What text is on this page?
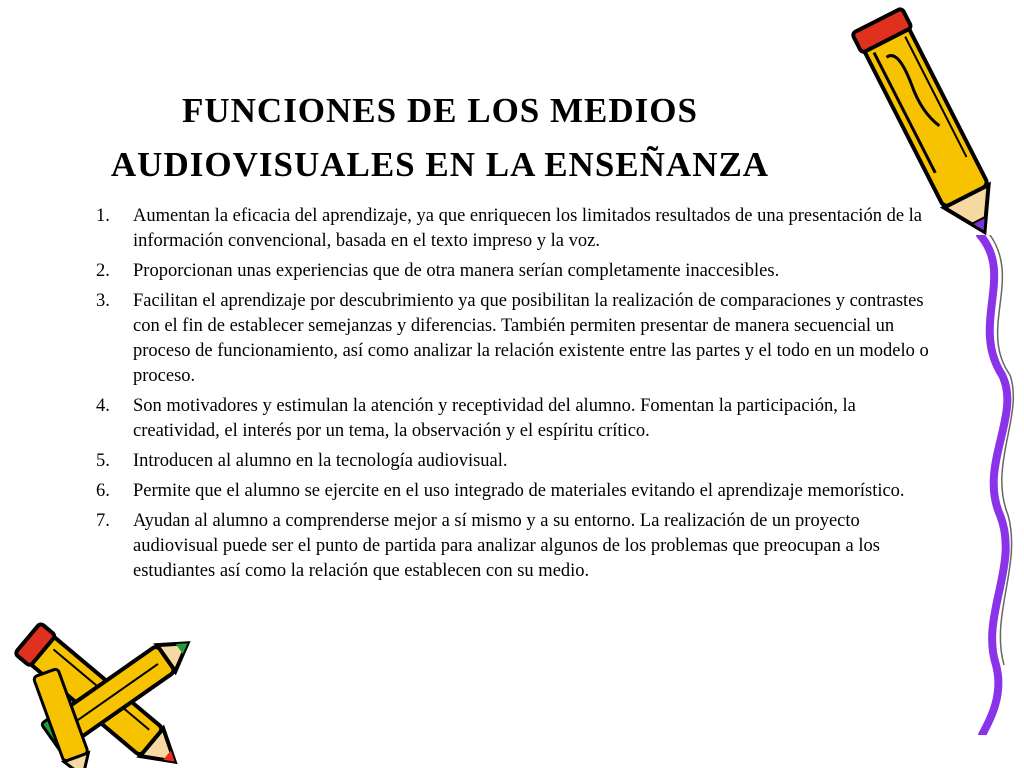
FUNCIONES DE LOS MEDIOS
AUDIOVISUALES EN LA ENSEÑANZA
1. Aumentan la eficacia del aprendizaje, ya que enriquecen los limitados resultados de una presentación de la información convencional, basada en el texto impreso y la voz.
2. Proporcionan unas experiencias que de otra manera serían completamente inaccesibles.
3. Facilitan el aprendizaje por descubrimiento ya que posibilitan la realización de comparaciones y contrastes con el fin de establecer semejanzas y diferencias. También permiten presentar de manera secuencial un proceso de funcionamiento, así como analizar la relación existente entre las partes y el todo en un modelo o proceso.
4. Son motivadores y estimulan la atención y receptividad del alumno. Fomentan la participación, la creatividad, el interés por un tema, la observación y el espíritu crítico.
5. Introducen al alumno en la tecnología audiovisual.
6. Permite que el alumno se ejercite en el uso integrado de materiales evitando el aprendizaje memorístico.
7. Ayudan al alumno a comprenderse mejor a sí mismo y a su entorno. La realización de un proyecto audiovisual puede ser el punto de partida para analizar algunos de los problemas que preocupan a los estudiantes así como la relación que establecen con su medio.
